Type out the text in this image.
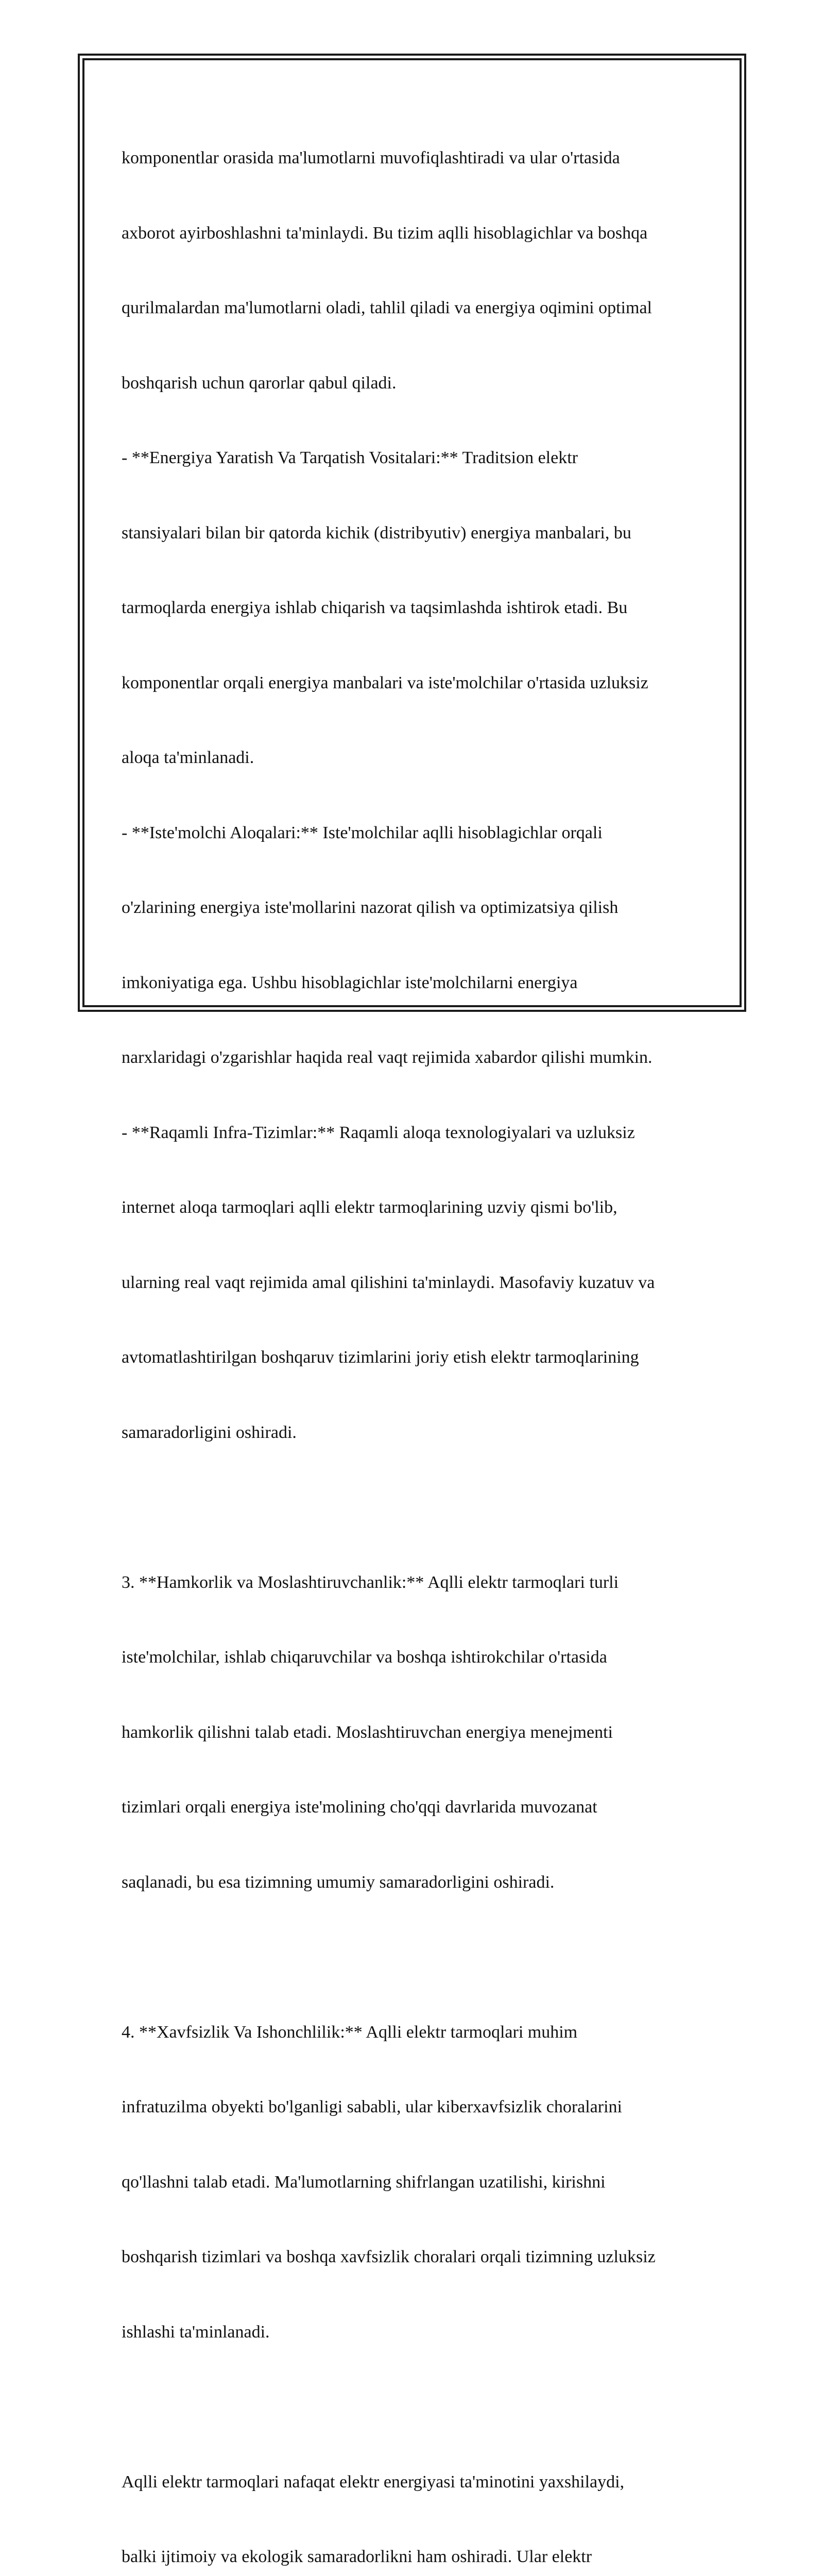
komponentlar orasida ma'lumotlarni muvofiqlashtiradi va ular o'rtasida

axborot ayirboshlashni ta'minlaydi. Bu tizim aqlli hisoblagichlar va boshqa

qurilmalardan ma'lumotlarni oladi, tahlil qiladi va energiya oqimini optimal

boshqarish uchun qarorlar qabul qiladi.

- **Energiya Yaratish Va Tarqatish Vositalari:** Traditsion elektr

stansiyalari bilan bir qatorda kichik (distribyutiv) energiya manbalari, bu

tarmoqlarda energiya ishlab chiqarish va taqsimlashda ishtirok etadi. Bu

komponentlar orqali energiya manbalari va iste'molchilar o'rtasida uzluksiz

aloqa ta'minlanadi.

- **Iste'molchi Aloqalari:** Iste'molchilar aqlli hisoblagichlar orqali

o'zlarining energiya iste'mollarini nazorat qilish va optimizatsiya qilish

imkoniyatiga ega. Ushbu hisoblagichlar iste'molchilarni energiya

narxlaridagi o'zgarishlar haqida real vaqt rejimida xabardor qilishi mumkin.

- **Raqamli Infra-Tizimlar:** Raqamli aloqa texnologiyalari va uzluksiz

internet aloqa tarmoqlari aqlli elektr tarmoqlarining uzviy qismi bo'lib,

ularning real vaqt rejimida amal qilishini ta'minlaydi. Masofaviy kuzatuv va

avtomatlashtirilgan boshqaruv tizimlarini joriy etish elektr tarmoqlarining

samaradorligini oshiradi.

3. **Hamkorlik va Moslashtiruvchanlik:** Aqlli elektr tarmoqlari turli

iste'molchilar, ishlab chiqaruvchilar va boshqa ishtirokchilar o'rtasida

hamkorlik qilishni talab etadi. Moslashtiruvchan energiya menejmenti

tizimlari orqali energiya iste'molining cho'qqi davrlarida muvozanat

saqlanadi, bu esa tizimning umumiy samaradorligini oshiradi.

4. **Xavfsizlik Va Ishonchlilik:** Aqlli elektr tarmoqlari muhim

infratuzilma obyekti bo'lganligi sababli, ular kiberxavfsizlik choralarini

qo'llashni talab etadi. Ma'lumotlarning shifrlangan uzatilishi, kirishni

boshqarish tizimlari va boshqa xavfsizlik choralari orqali tizimning uzluksiz

ishlashi ta'minlanadi.

Aqlli elektr tarmoqlari nafaqat elektr energiyasi ta'minotini yaxshilaydi,

balki ijtimoiy va ekologik samaradorlikni ham oshiradi. Ular elektr
